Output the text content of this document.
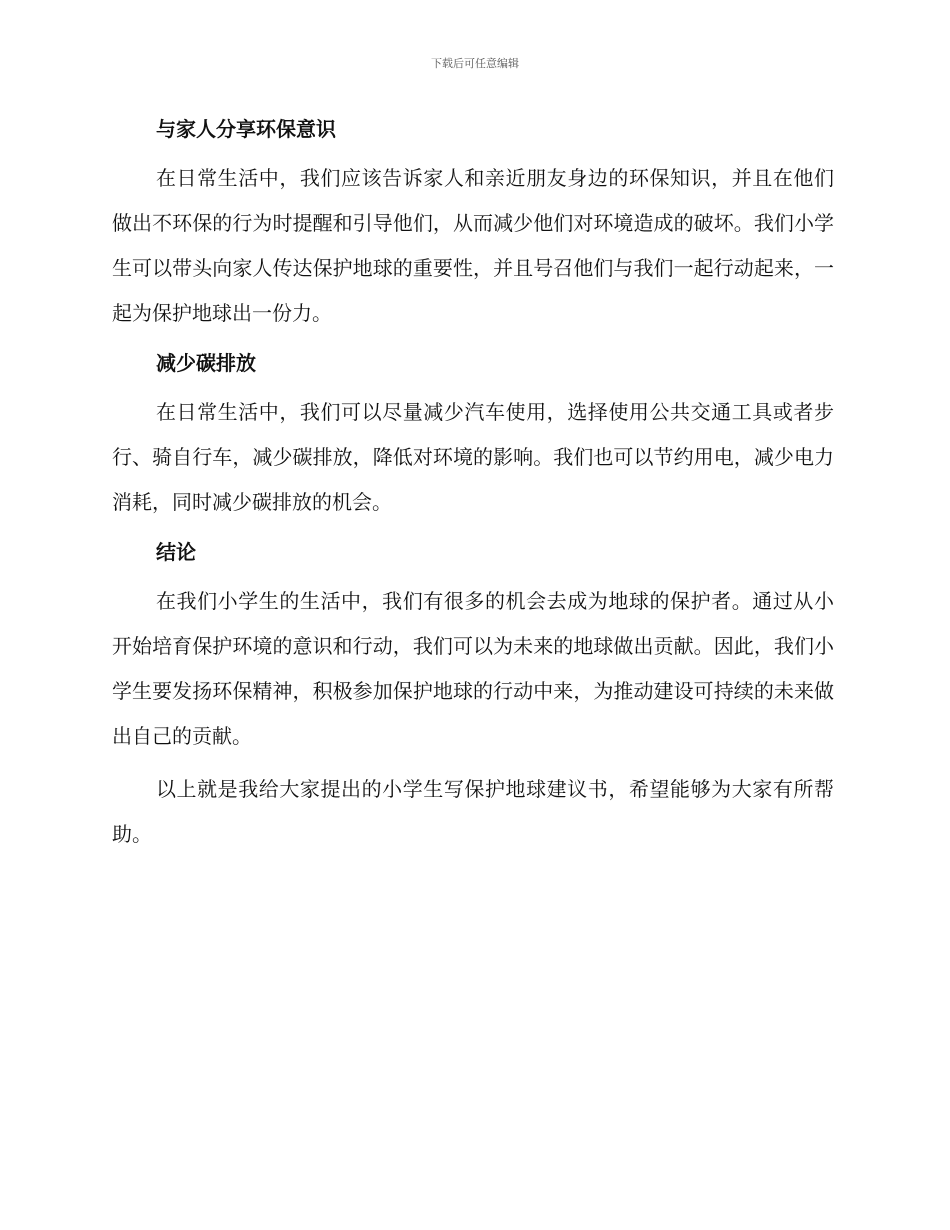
下载后可任意编辑
与家人分享环保意识

在日常生活中，我们应该告诉家人和亲近朋友身边的环保知识，并且在他们做出不环保的行为时提醒和引导他们，从而减少他们对环境造成的破坏。我们小学生可以带头向家人传达保护地球的重要性，并且号召他们与我们一起行动起来，一起为保护地球出一份力。

减少碳排放

在日常生活中，我们可以尽量减少汽车使用，选择使用公共交通工具或者步行、骑自行车，减少碳排放，降低对环境的影响。我们也可以节约用电，减少电力消耗，同时减少碳排放的机会。

结论

在我们小学生的生活中，我们有很多的机会去成为地球的保护者。通过从小开始培育保护环境的意识和行动，我们可以为未来的地球做出贡献。因此，我们小学生要发扬环保精神，积极参加保护地球的行动中来，为推动建设可持续的未来做出自己的贡献。

以上就是我给大家提出的小学生写保护地球建议书，希望能够为大家有所帮助。
